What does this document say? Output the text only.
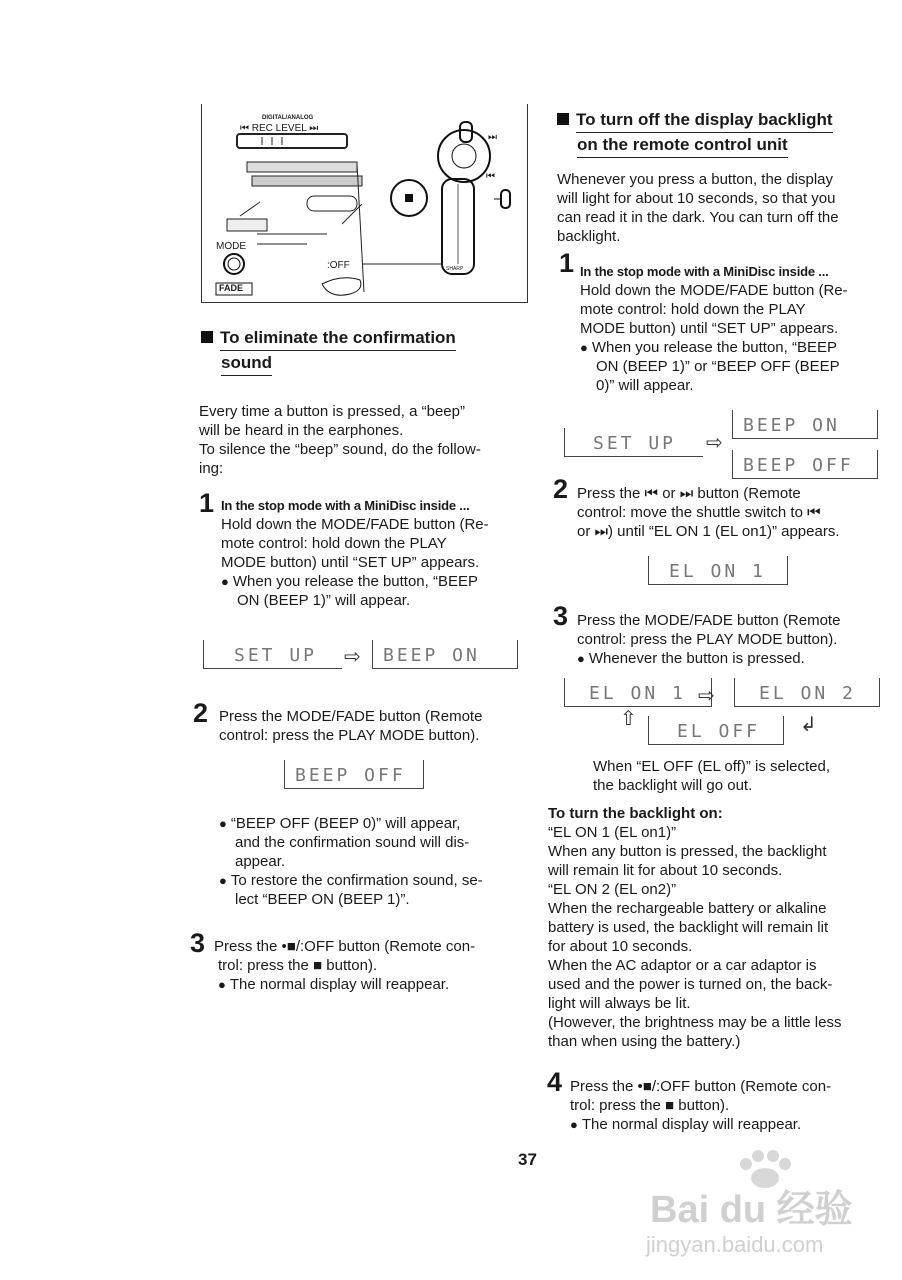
DIGITAL/ANALOG
⏮ REC LEVEL ⏭
MODE
:OFF
FADE
SHARP
⏭
⏮
To eliminate the confirmation
sound

Every time a button is pressed, a “beep”

will be heard in the earphones.

To silence the “beep” sound, do the follow-

ing:

1 In the stop mode with a MiniDisc inside ...

Hold down the MODE/FADE button (Re-

mote control: hold down the PLAY

MODE button) until “SET UP” appears.

● When you release the button, “BEEP

ON (BEEP 1)” will appear.

SET UP ⇨ BEEP ON
2 Press the MODE/FADE button (Remote

control: press the PLAY MODE button).

BEEP OFF

● “BEEP OFF (BEEP 0)” will appear,

and the confirmation sound will dis-

appear.

● To restore the confirmation sound, se-

lect “BEEP ON (BEEP 1)”.

3 Press the •■/:OFF button (Remote con-

trol: press the ■ button).

● The normal display will reappear.

To turn off the display backlight
on the remote control unit

Whenever you press a button, the display

will light for about 10 seconds, so that you

can read it in the dark. You can turn off the

backlight.

1 In the stop mode with a MiniDisc inside ...

Hold down the MODE/FADE button (Re-

mote control: hold down the PLAY

MODE button) until “SET UP” appears.

● When you release the button, “BEEP

ON (BEEP 1)” or “BEEP OFF (BEEP

0)” will appear.

SET UP ⇨
BEEP ON
BEEP OFF
2 Press the ⏮ or ⏭ button (Remote

control: move the shuttle switch to ⏮

or ⏭) until “EL ON 1 (EL on1)” appears.

EL ON 1
3 Press the MODE/FADE button (Remote

control: press the PLAY MODE button).

● Whenever the button is pressed.

EL ON 1 ⇨ EL ON 2
⇧
EL OFF ↲

When “EL OFF (EL off)” is selected,

the backlight will go out.

To turn the backlight on:

“EL ON 1 (EL on1)”

When any button is pressed, the backlight

will remain lit for about 10 seconds.

“EL ON 2 (EL on2)”

When the rechargeable battery or alkaline

battery is used, the backlight will remain lit

for about 10 seconds.

When the AC adaptor or a car adaptor is

used and the power is turned on, the back-

light will always be lit.

(However, the brightness may be a little less

than when using the battery.)

4 Press the •■/:OFF button (Remote con-

trol: press the ■ button).

● The normal display will reappear.

37
Bai du 经验
jingyan.baidu.com
